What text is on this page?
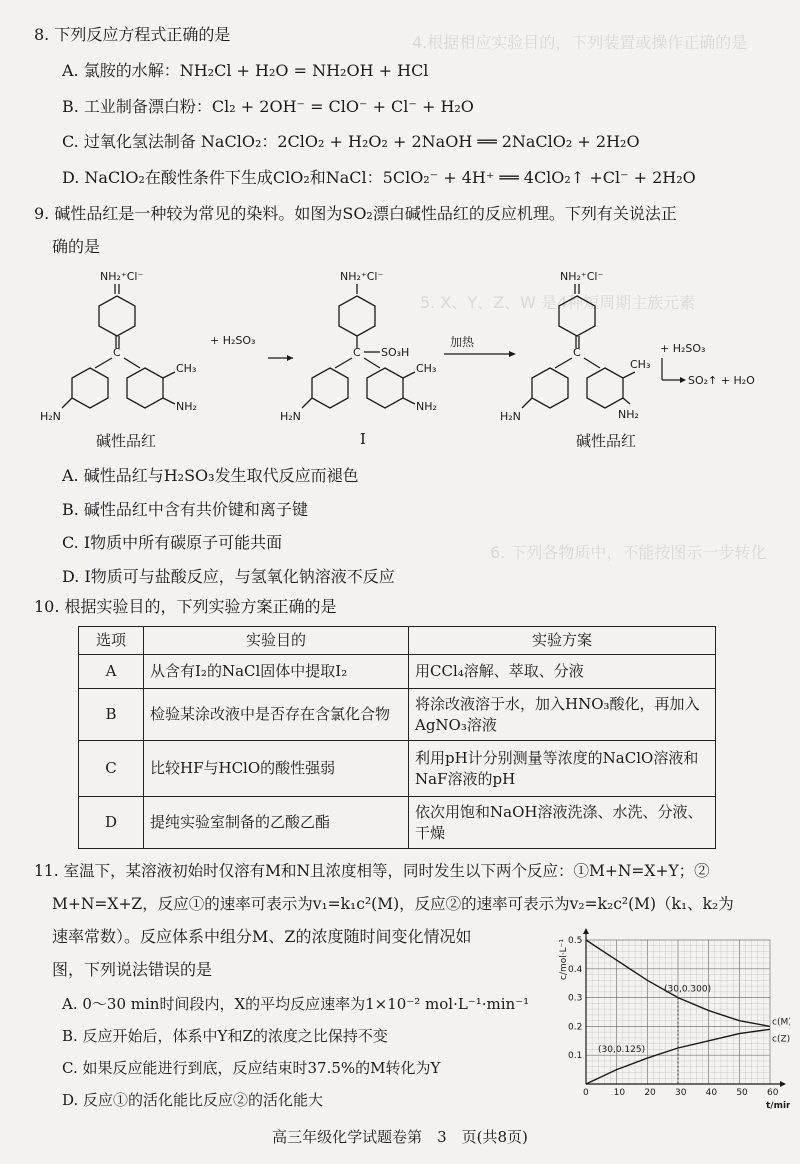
4.根据相应实验目的，下列装置或操作正确的是
5. X、Y、Z、W 是4种短周期主族元素
6. 下列各物质中，不能按图示一步转化
8. 下列反应方程式正确的是
A. 氯胺的水解：NH₂Cl + H₂O = NH₂OH + HCl
B. 工业制备漂白粉：Cl₂ + 2OH⁻ = ClO⁻ + Cl⁻ + H₂O
C. 过氧化氢法制备 NaClO₂：2ClO₂ + H₂O₂ + 2NaOH ══ 2NaClO₂ + 2H₂O
D. NaClO₂在酸性条件下生成ClO₂和NaCl：5ClO₂⁻ + 4H⁺ ══ 4ClO₂↑ +Cl⁻ + 2H₂O
9. 碱性品红是一种较为常见的染料。如图为SO₂漂白碱性品红的反应机理。下列有关说法正
确的是
NH₂⁺Cl⁻
C
CH₃
NH₂
H₂N
碱性品红
+ H₂SO₃
NH₂⁺Cl⁻
C SO₃H
CH₃
NH₂
H₂N
I
加热
NH₂⁺Cl⁻
C
CH₃
NH₂
H₂N
碱性品红
+ H₂SO₃
SO₂↑ + H₂O
A. 碱性品红与H₂SO₃发生取代反应而褪色
B. 碱性品红中含有共价键和离子键
C. I物质中所有碳原子可能共面
D. I物质可与盐酸反应，与氢氧化钠溶液不反应
10. 根据实验目的，下列实验方案正确的是
选项	实验目的	实验方案
A	从含有I₂的NaCl固体中提取I₂	用CCl₄溶解、萃取、分液
B	检验某涂改液中是否存在含氯化合物	将涂改液溶于水，加入HNO₃酸化，再加入AgNO₃溶液
C	比较HF与HClO的酸性强弱	利用pH计分别测量等浓度的NaClO溶液和NaF溶液的pH
D	提纯实验室制备的乙酸乙酯	依次用饱和NaOH溶液洗涤、水洗、分液、干燥
11. 室温下，某溶液初始时仅溶有M和N且浓度相等，同时发生以下两个反应：①M+N=X+Y；②
M+N=X+Z，反应①的速率可表示为v₁=k₁c²(M)，反应②的速率可表示为v₂=k₂c²(M)（k₁、k₂为
速率常数）。反应体系中组分M、Z的浓度随时间变化情况如
图，下列说法错误的是
A. 0～30 min时间段内，X的平均反应速率为1×10⁻² mol·L⁻¹·min⁻¹
B. 反应开始后，体系中Y和Z的浓度之比保持不变
C. 如果反应能进行到底，反应结束时37.5%的M转化为Y
D. 反应①的活化能比反应②的活化能大	0	10 20 30 40 50 60
0.1
0.2
0.3
0.4
0.5
t/min
c/mol·L⁻¹
c(M)
c(Z)
(30,0.300)
(30,0.125)
高三年级化学试题卷第　3　页(共8页)
